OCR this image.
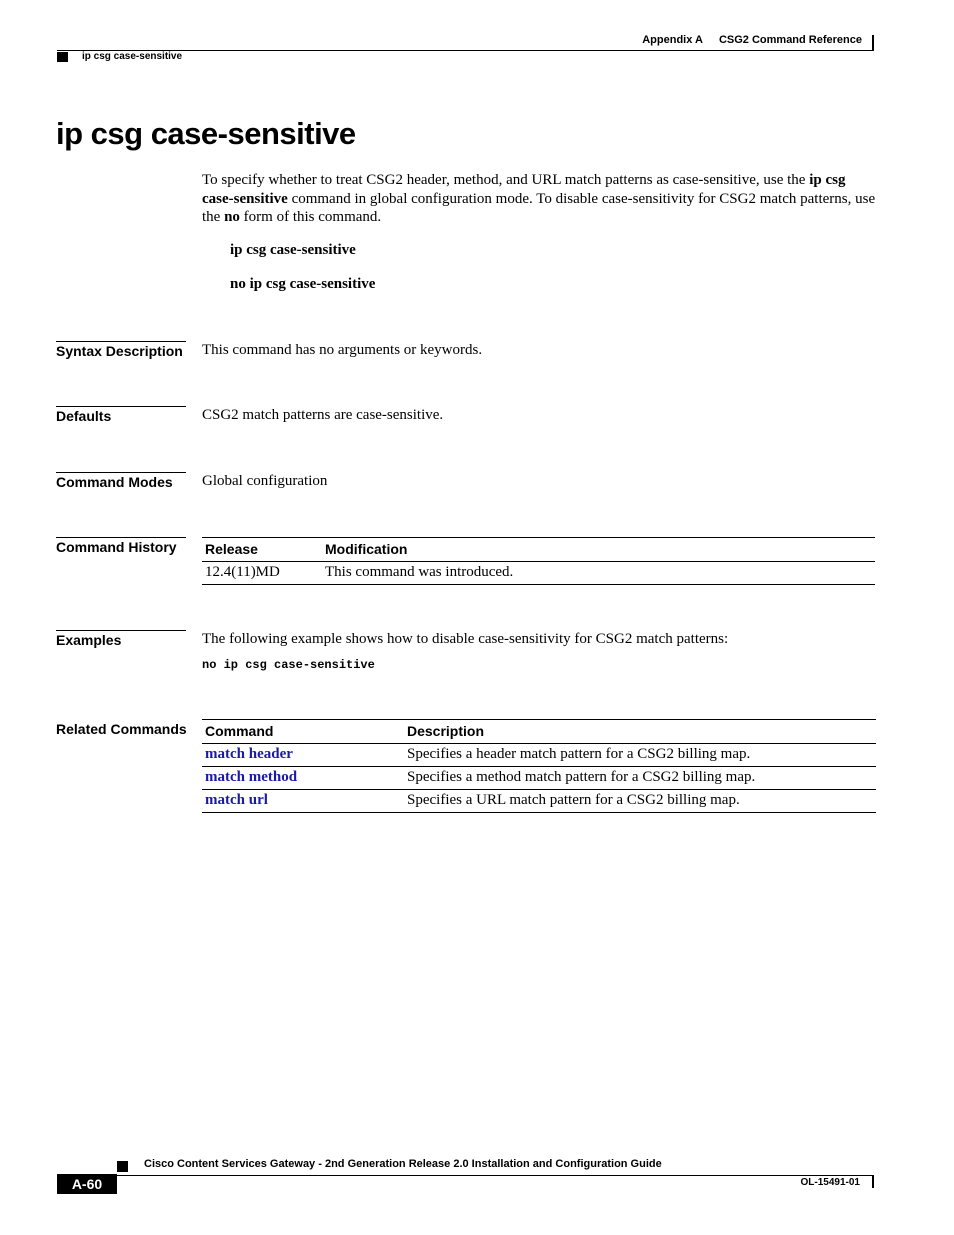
Appendix A CSG2 Command Reference
ip csg case-sensitive
ip csg case-sensitive
To specify whether to treat CSG2 header, method, and URL match patterns as case-sensitive, use the ip csg case-sensitive command in global configuration mode. To disable case-sensitivity for CSG2 match patterns, use the no form of this command.
ip csg case-sensitive
no ip csg case-sensitive
Syntax Description This command has no arguments or keywords.
Defaults	CSG2 match patterns are case-sensitive.
Command Modes Global configuration
Command History Release	Modification
12.4(11)MD	This command was introduced.
Examples	The following example shows how to disable case-sensitivity for CSG2 match patterns:
no ip csg case-sensitive
Related Commands Command	Description
match header	Specifies a header match pattern for a CSG2 billing map.
match method	Specifies a method match pattern for a CSG2 billing map.
match url	Specifies a URL match pattern for a CSG2 billing map.
Cisco Content Services Gateway - 2nd Generation Release 2.0 Installation and Configuration Guide
A-60	OL-15491-01
